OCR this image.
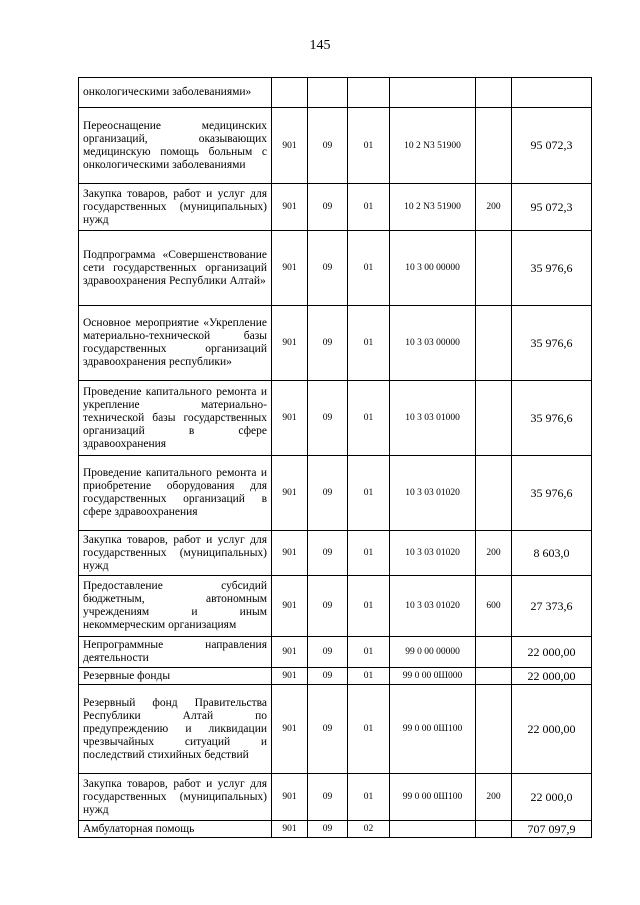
145
онкологическими заболеваниями»						

Переоснащение медицинских организаций, оказывающих медицинскую помощь больным с онкологическими заболеваниями	901	09	01	10 2 N3 51900		95 072,3

Закупка товаров, работ и услуг для государственных (муниципальных) нужд	901	09	01	10 2 N3 51900	200	95 072,3

Подпрограмма «Совершенствование сети государственных организаций здравоохранения Республики Алтай»	901	09	01	10 3 00 00000		35 976,6

Основное мероприятие «Укрепление материально-технической базы государственных организаций здравоохранения республики»	901	09	01	10 3 03 00000		35 976,6

Проведение капитального ремонта и укрепление материально-технической базы государственных организаций в сфере здравоохранения	901	09	01	10 3 03 01000		35 976,6

Проведение капитального ремонта и приобретение оборудования для государственных организаций в сфере здравоохранения	901	09	01	10 3 03 01020		35 976,6

Закупка товаров, работ и услуг для государственных (муниципальных) нужд	901	09	01	10 3 03 01020	200	8 603,0

Предоставление субсидий бюджетным, автономным учреждениям и иным некоммерческим организациям	901	09	01	10 3 03 01020	600	27 373,6

Непрограммные направления деятельности	901	09	01	99 0 00 00000		22 000,00

Резервные фонды	901	09	01	99 0 00 0Ш000		22 000,00

Резервный фонд Правительства Республики Алтай по предупреждению и ликвидации чрезвычайных ситуаций и последствий стихийных бедствий	901	09	01	99 0 00 0Ш100		22 000,00

Закупка товаров, работ и услуг для государственных (муниципальных) нужд	901	09	01	99 0 00 0Ш100	200	22 000,0

Амбулаторная помощь	901	09	02			707 097,9
